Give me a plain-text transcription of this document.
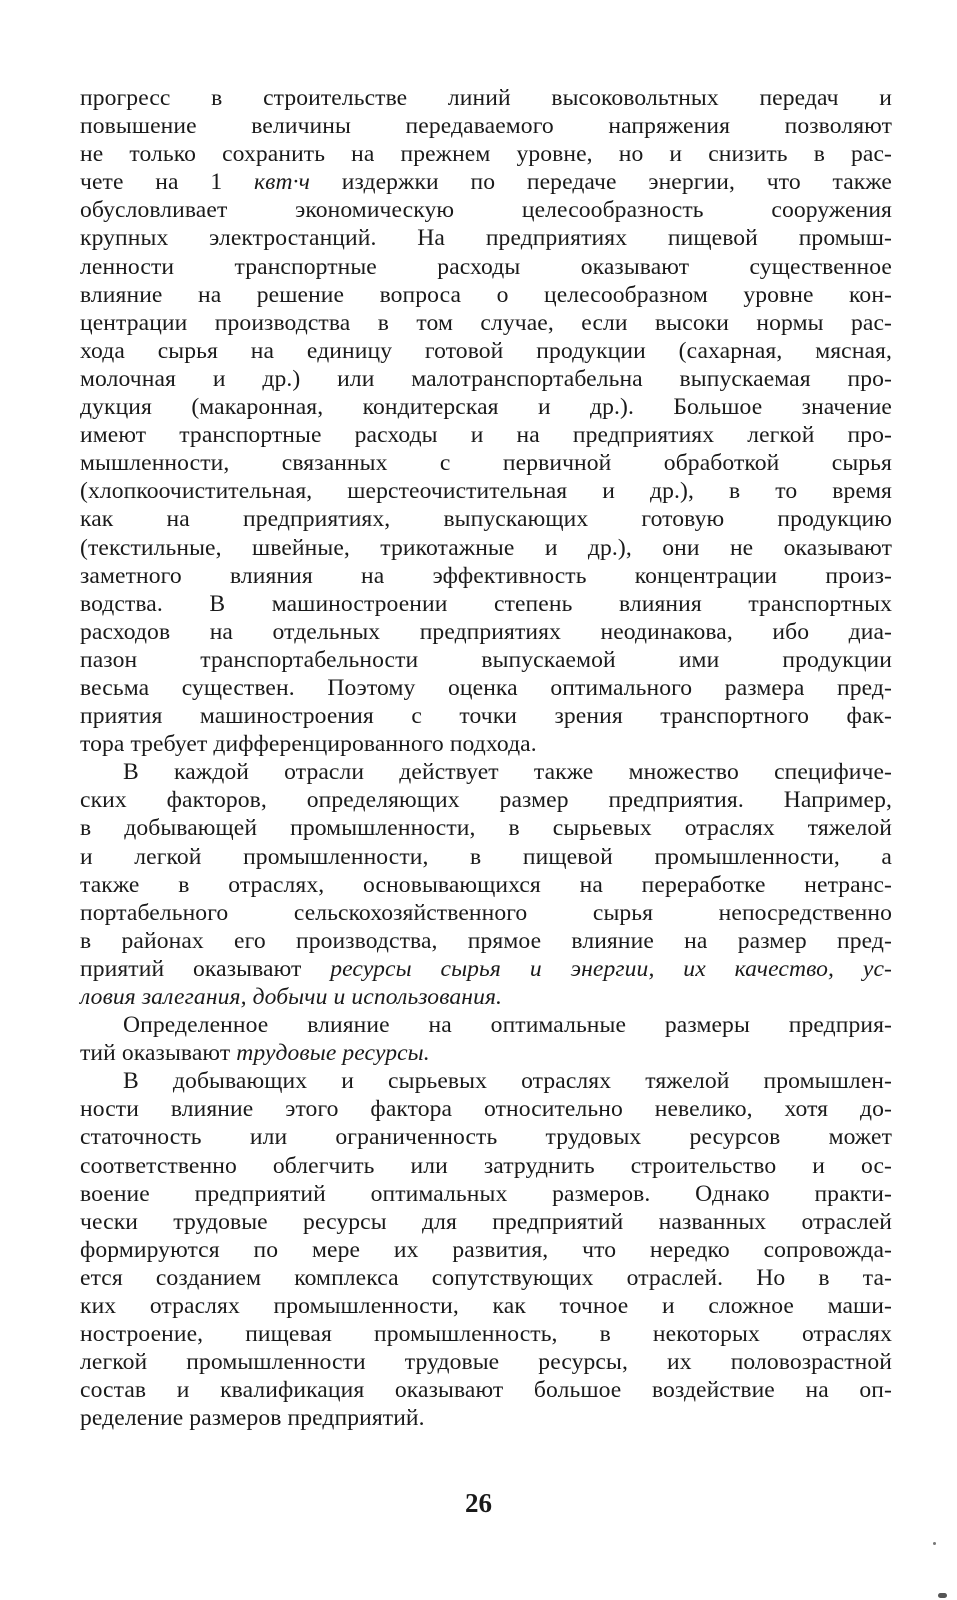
прогресс в строительстве линий высоковольтных передач и
повышение величины передаваемого напряжения позволяют
не только сохранить на прежнем уровне, но и снизить в рас-
чете на 1 квт·ч издержки по передаче энергии, что также
обусловливает экономическую целесообразность сооружения
крупных электростанций. На предприятиях пищевой промыш-
ленности транспортные расходы оказывают существенное
влияние на решение вопроса о целесообразном уровне кон-
центрации производства в том случае, если высоки нормы рас-
хода сырья на единицу готовой продукции (сахарная, мясная,
молочная и др.) или малотранспортабельна выпускаемая про-
дукция (макаронная, кондитерская и др.). Большое значение
имеют транспортные расходы и на предприятиях легкой про-
мышленности, связанных с первичной обработкой сырья
(хлопкоочистительная, шерстеочистительная и др.), в то время
как на предприятиях, выпускающих готовую продукцию
(текстильные, швейные, трикотажные и др.), они не оказывают
заметного влияния на эффективность концентрации произ-
водства. В машиностроении степень влияния транспортных
расходов на отдельных предприятиях неодинакова, ибо диа-
пазон транспортабельности выпускаемой ими продукции
весьма существен. Поэтому оценка оптимального размера пред-
приятия машиностроения с точки зрения транспортного фак-
тора требует дифференцированного подхода.
В каждой отрасли действует также множество специфиче-
ских факторов, определяющих размер предприятия. Например,
в добывающей промышленности, в сырьевых отраслях тяжелой
и легкой промышленности, в пищевой промышленности, а
также в отраслях, основывающихся на переработке нетранс-
портабельного сельскохозяйственного сырья непосредственно
в районах его производства, прямое влияние на размер пред-
приятий оказывают ресурсы сырья и энергии, их качество, ус-
ловия залегания, добычи и использования.
Определенное влияние на оптимальные размеры предприя-
тий оказывают трудовые ресурсы.
В добывающих и сырьевых отраслях тяжелой промышлен-
ности влияние этого фактора относительно невелико, хотя до-
статочность или ограниченность трудовых ресурсов может
соответственно облегчить или затруднить строительство и ос-
воение предприятий оптимальных размеров. Однако практи-
чески трудовые ресурсы для предприятий названных отраслей
формируются по мере их развития, что нередко сопровожда-
ется созданием комплекса сопутствующих отраслей. Но в та-
ких отраслях промышленности, как точное и сложное маши-
ностроение, пищевая промышленность, в некоторых отраслях
легкой промышленности трудовые ресурсы, их половозрастной
состав и квалификация оказывают большое воздействие на оп-
ределение размеров предприятий.
26
